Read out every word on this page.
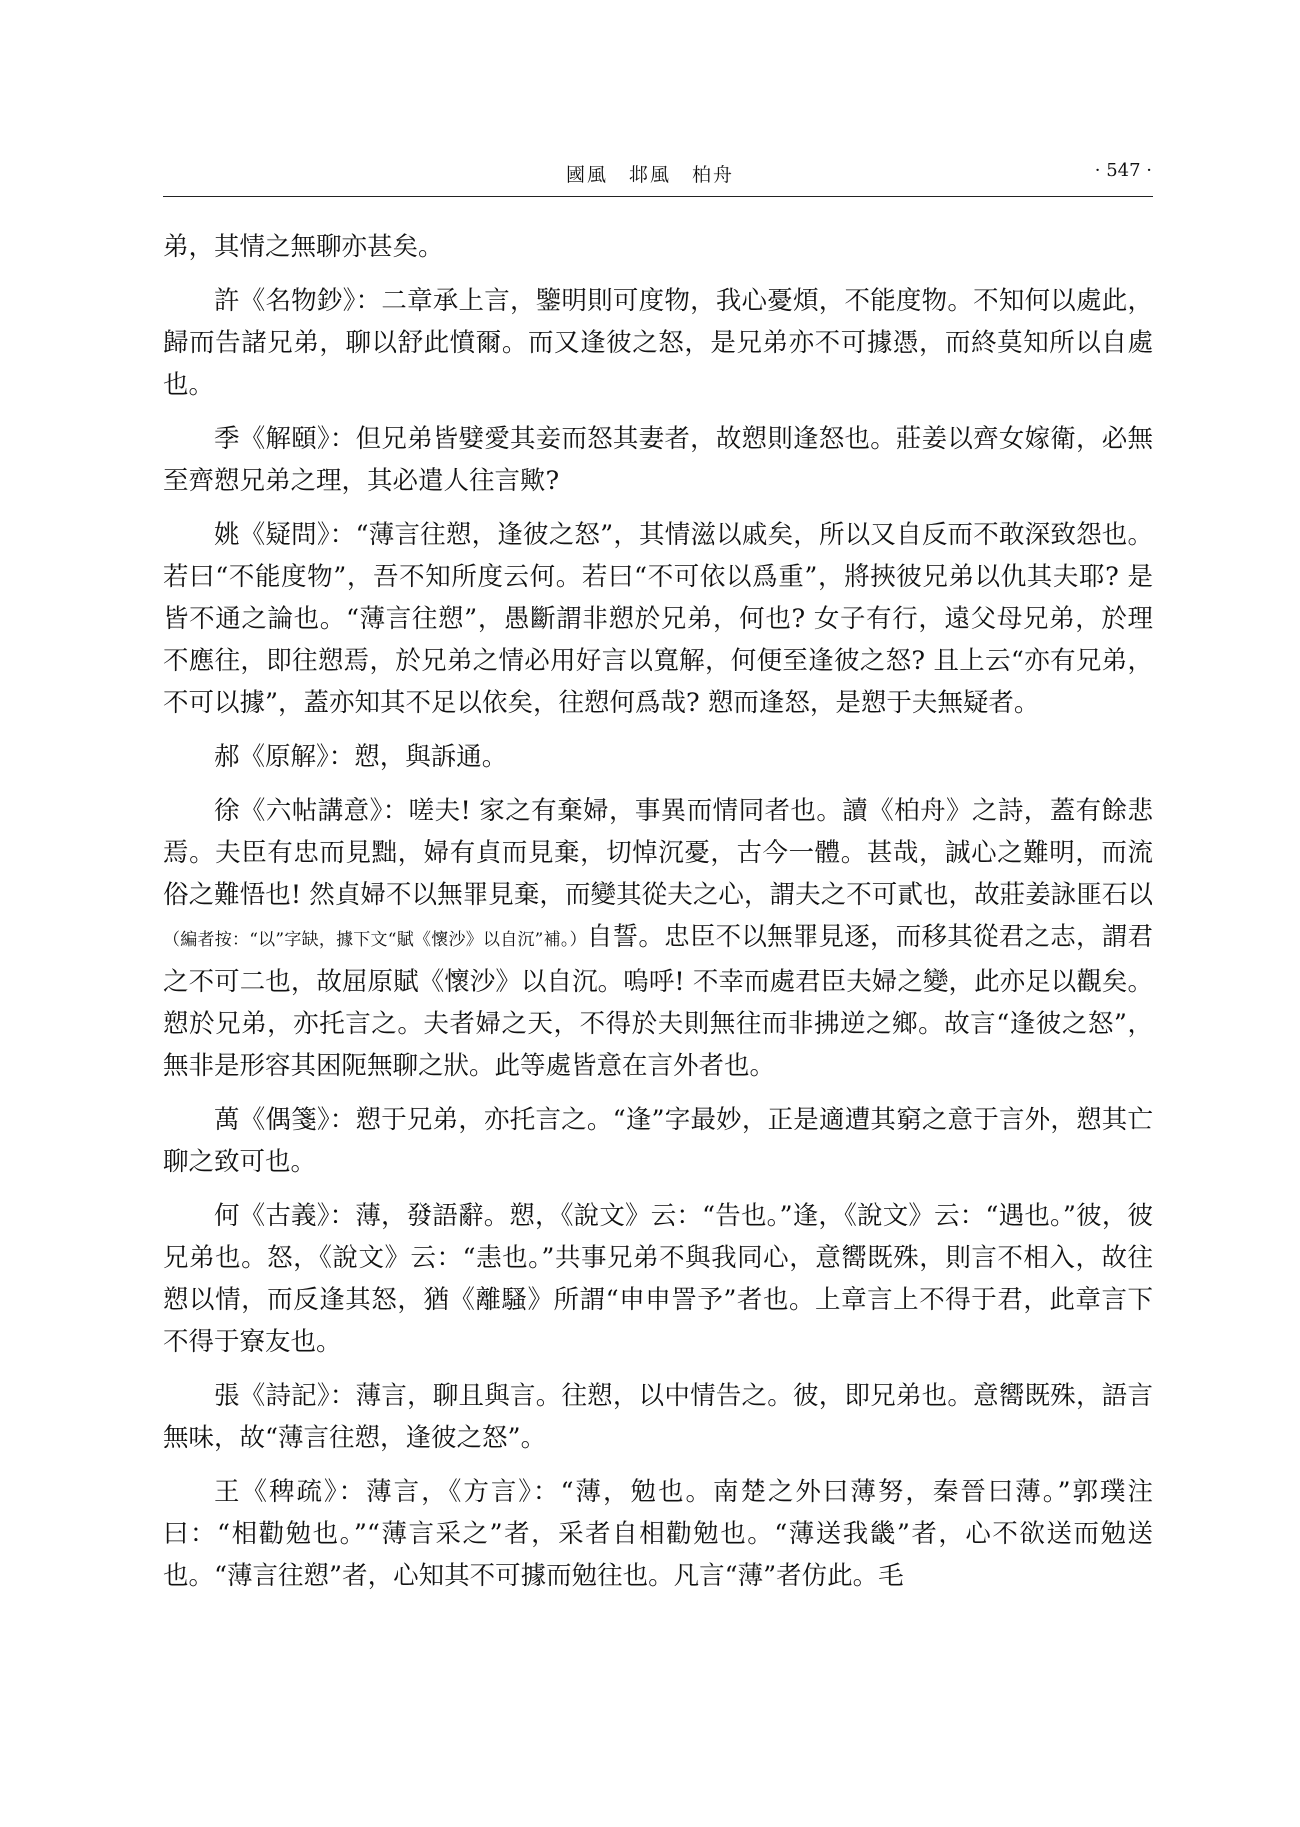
國風　邶風　柏舟	· 547 ·

弟，其情之無聊亦甚矣。

許《名物鈔》：二章承上言，鑒明則可度物，我心憂煩，不能度物。不知何以處此，歸而告諸兄弟，聊以舒此憤爾。而又逢彼之怒，是兄弟亦不可據憑，而終莫知所以自處也。

季《解頤》：但兄弟皆嬖愛其妾而怒其妻者，故愬則逢怒也。莊姜以齊女嫁衛，必無至齊愬兄弟之理，其必遣人往言歟?

姚《疑問》：“薄言往愬，逢彼之怒”，其情滋以戚矣，所以又自反而不敢深致怨也。若曰“不能度物”，吾不知所度云何。若曰“不可依以爲重”，將挾彼兄弟以仇其夫耶? 是皆不通之論也。“薄言往愬”，愚斷謂非愬於兄弟，何也? 女子有行，遠父母兄弟，於理不應往，即往愬焉，於兄弟之情必用好言以寬解，何便至逢彼之怒? 且上云“亦有兄弟，不可以據”，蓋亦知其不足以依矣，往愬何爲哉? 愬而逢怒，是愬于夫無疑者。

郝《原解》：愬，與訴通。

徐《六帖講意》：嗟夫! 家之有棄婦，事異而情同者也。讀《柏舟》之詩，蓋有餘悲焉。夫臣有忠而見黜，婦有貞而見棄，切悼沉憂，古今一體。甚哉，誠心之難明，而流俗之難悟也! 然貞婦不以無罪見棄，而變其從夫之心，謂夫之不可貳也，故莊姜詠匪石以（編者按：“以”字缺，據下文“賦《懷沙》以自沉”補。）自誓。忠臣不以無罪見逐，而移其從君之志，謂君之不可二也，故屈原賦《懷沙》以自沉。嗚呼! 不幸而處君臣夫婦之變，此亦足以觀矣。愬於兄弟，亦托言之。夫者婦之天，不得於夫則無往而非拂逆之鄉。故言“逢彼之怒”，無非是形容其困阨無聊之狀。此等處皆意在言外者也。

萬《偶箋》：愬于兄弟，亦托言之。“逢”字最妙，正是適遭其窮之意于言外，愬其亡聊之致可也。

何《古義》：薄，發語辭。愬，《說文》云：“告也。”逢，《說文》云：“遇也。”彼，彼兄弟也。怒，《說文》云：“恚也。”共事兄弟不與我同心，意嚮既殊，則言不相入，故往愬以情，而反逢其怒，猶《離騷》所謂“申申詈予”者也。上章言上不得于君，此章言下不得于寮友也。

張《詩記》：薄言，聊且與言。往愬，以中情告之。彼，即兄弟也。意嚮既殊，語言無味，故“薄言往愬，逢彼之怒”。

王《稗疏》：薄言，《方言》：“薄，勉也。南楚之外曰薄努，秦晉曰薄。”郭璞注曰：“相勸勉也。”“薄言采之”者，采者自相勸勉也。“薄送我畿”者，心不欲送而勉送也。“薄言往愬”者，心知其不可據而勉往也。凡言“薄”者仿此。毛
